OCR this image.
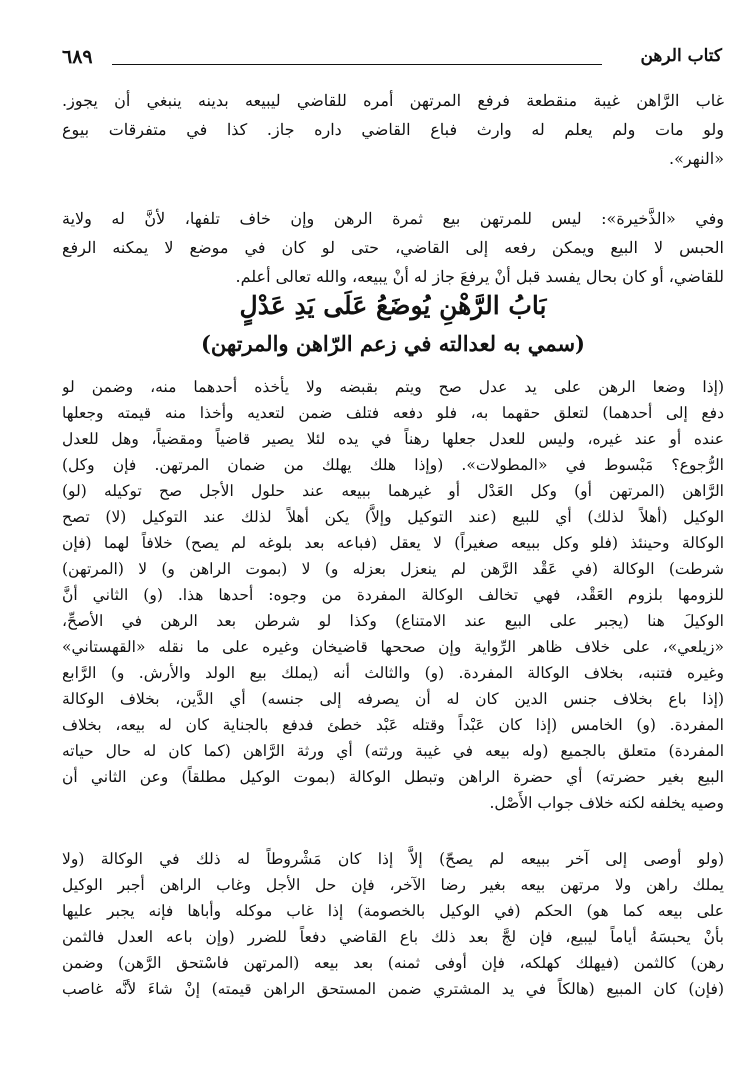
٦٨٩	كتاب الرهن
غاب الرَّاهن غيبة منقطعة فرفع المرتهن أمره للقاضي ليبيعه بدينه ينبغي أن يجوز.
ولو مات ولم يعلم له وارث فباع القاضي داره جاز. كذا في متفرقات بيوع
«النهر».
وفي «الذَّخيرة»: ليس للمرتهن بيع ثمرة الرهن وإن خاف تلفها، لأنَّ له ولاية
الحبس لا البيع ويمكن رفعه إلى القاضي، حتى لو كان في موضع لا يمكنه الرفع
للقاضي، أو كان بحال يفسد قبل أنْ يرفعَ جاز له أنْ يبيعه، والله تعالى أعلم.
بَابُ الرَّهْنِ يُوضَعُ عَلَى يَدِ عَدْلٍ
(سمي به لعدالته في زعم الرّاهن والمرتهن)
(إذا وضعا الرهن على يد عدل صح ويتم بقبضه ولا يأخذه أحدهما منه، وضمن لو
دفع إلى أحدهما) لتعلق حقهما به، فلو دفعه فتلف ضمن لتعديه وأخذا منه قيمته وجعلها
عنده أو عند غيره، وليس للعدل جعلها رهناً في يده لئلا يصير قاضياً ومقضياً، وهل للعدل
الرُّجوع؟ مَبْسوط في «المطولات». (وإذا هلك يهلك من ضمان المرتهن. فإن وكل)
الرَّاهن (المرتهن أو) وكل العَدْل أو غيرهما ببيعه عند حلول الأجل صح توكيله (لو)
الوكيل (أهلاً لذلك) أي للبيع (عند التوكيل وإلاَّ) يكن أهلاً لذلك عند التوكيل (لا) تصح
الوكالة وحينئذ (فلو وكل ببيعه صغيراً) لا يعقل (فباعه بعد بلوغه لم يصح) خلافاً لهما (فإن
شرطت) الوكالة (في عَقْد الرَّهن لم ينعزل بعزله و) لا (بموت الراهن و) لا (المرتهن)
للزومها بلزوم العَقْد، فهي تخالف الوكالة المفردة من وجوه: أحدها هذا. (و) الثاني أنَّ
الوكيلَ هنا (يجبر على البيع عند الامتناع) وكذا لو شرطن بعد الرهن في الأصحِّ،
«زيلعي»، على خلاف ظاهر الرِّواية وإن صححها قاضيخان وغيره على ما نقله «القهستاني»
وغيره فتنبه، بخلاف الوكالة المفردة. (و) والثالث أنه (يملك بيع الولد والأرش. و) الرَّابع
(إذا باع بخلاف جنس الدين كان له أن يصرفه إلى جنسه) أي الدَّين، بخلاف الوكالة
المفردة. (و) الخامس (إذا كان عَبْداً وقتله عَبْد خطئ فدفع بالجناية كان له بيعه، بخلاف
المفردة) متعلق بالجميع (وله بيعه في غيبة ورثته) أي ورثة الرَّاهن (كما كان له حال حياته
البيع بغير حضرته) أي حضرة الراهن وتبطل الوكالة (بموت الوكيل مطلقاً) وعن الثاني أن
وصيه يخلفه لكنه خلاف جواب الأَصْل.
(ولو أوصى إلى آخر ببيعه لم يصحّ) إلاَّ إذا كان مَشْروطاً له ذلك في الوكالة (ولا
يملك راهن ولا مرتهن بيعه بغير رضا الآخر، فإن حل الأجل وغاب الراهن أجبر الوكيل
على بيعه كما هو) الحكم (في الوكيل بالخصومة) إذا غاب موكله وأباها فإنه يجبر عليها
بأنْ يحبسَهُ أياماً ليبيع، فإن لجَّ بعد ذلك باع القاضي دفعاً للضرر (وإن باعه العدل فالثمن
رهن) كالثمن (فيهلك كهلكه، فإن أوفى ثمنه) بعد بيعه (المرتهن فاسْتحق الرَّهن) وضمن
(فإن) كان المبيع (هالكاً في يد المشتري ضمن المستحق الراهن قيمته) إنْ شاءَ لأنَّه غاصب
